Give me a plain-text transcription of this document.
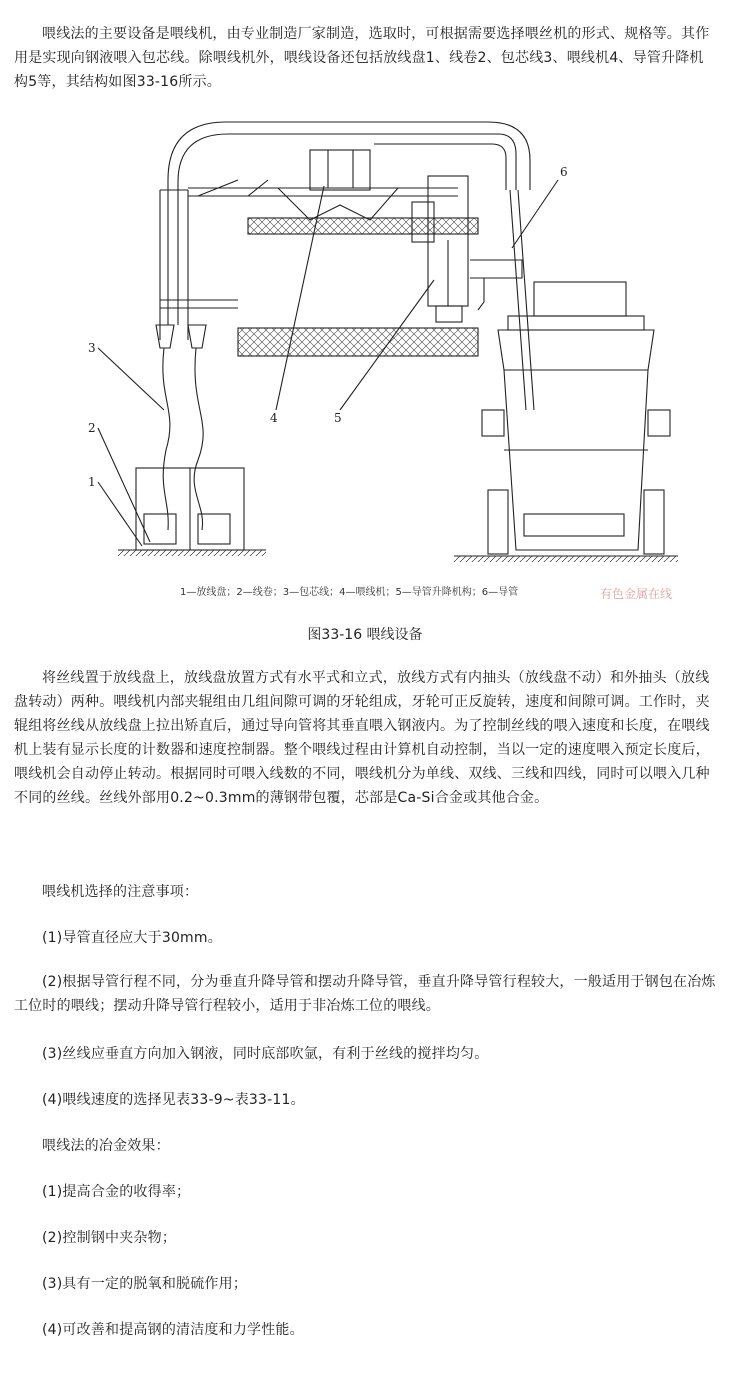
喂线法的主要设备是喂线机，由专业制造厂家制造，选取时，可根据需要选择喂丝机的形式、规格等。其作用是实现向钢液喂入包芯线。除喂线机外，喂线设备还包括放线盘1、线卷2、包芯线3、喂线机4、导管升降机构5等，其结构如图33-16所示。

1
2
3
4	5
6
1—放线盘；2—线卷；3—包芯线；4—喂线机；5—导管升降机构；6—导管	有色金属在线
图33-16 喂线设备

将丝线置于放线盘上，放线盘放置方式有水平式和立式，放线方式有内抽头（放线盘不动）和外抽头（放线盘转动）两种。喂线机内部夹辊组由几组间隙可调的牙轮组成，牙轮可正反旋转，速度和间隙可调。工作时，夹辊组将丝线从放线盘上拉出矫直后，通过导向管将其垂直喂入钢液内。为了控制丝线的喂入速度和长度，在喂线机上装有显示长度的计数器和速度控制器。整个喂线过程由计算机自动控制，当以一定的速度喂入预定长度后，喂线机会自动停止转动。根据同时可喂入线数的不同，喂线机分为单线、双线、三线和四线，同时可以喂入几种不同的丝线。丝线外部用0.2~0.3mm的薄钢带包覆，芯部是Ca-Si合金或其他合金。

喂线机选择的注意事项：

(1)导管直径应大于30mm。

(2)根据导管行程不同，分为垂直升降导管和摆动升降导管，垂直升降导管行程较大，一般适用于钢包在冶炼工位时的喂线；摆动升降导管行程较小，适用于非冶炼工位的喂线。

(3)丝线应垂直方向加入钢液，同时底部吹氩，有利于丝线的搅拌均匀。

(4)喂线速度的选择见表33-9~表33-11。

喂线法的冶金效果：

(1)提高合金的收得率；

(2)控制钢中夹杂物；

(3)具有一定的脱氧和脱硫作用；

(4)可改善和提高钢的清洁度和力学性能。
